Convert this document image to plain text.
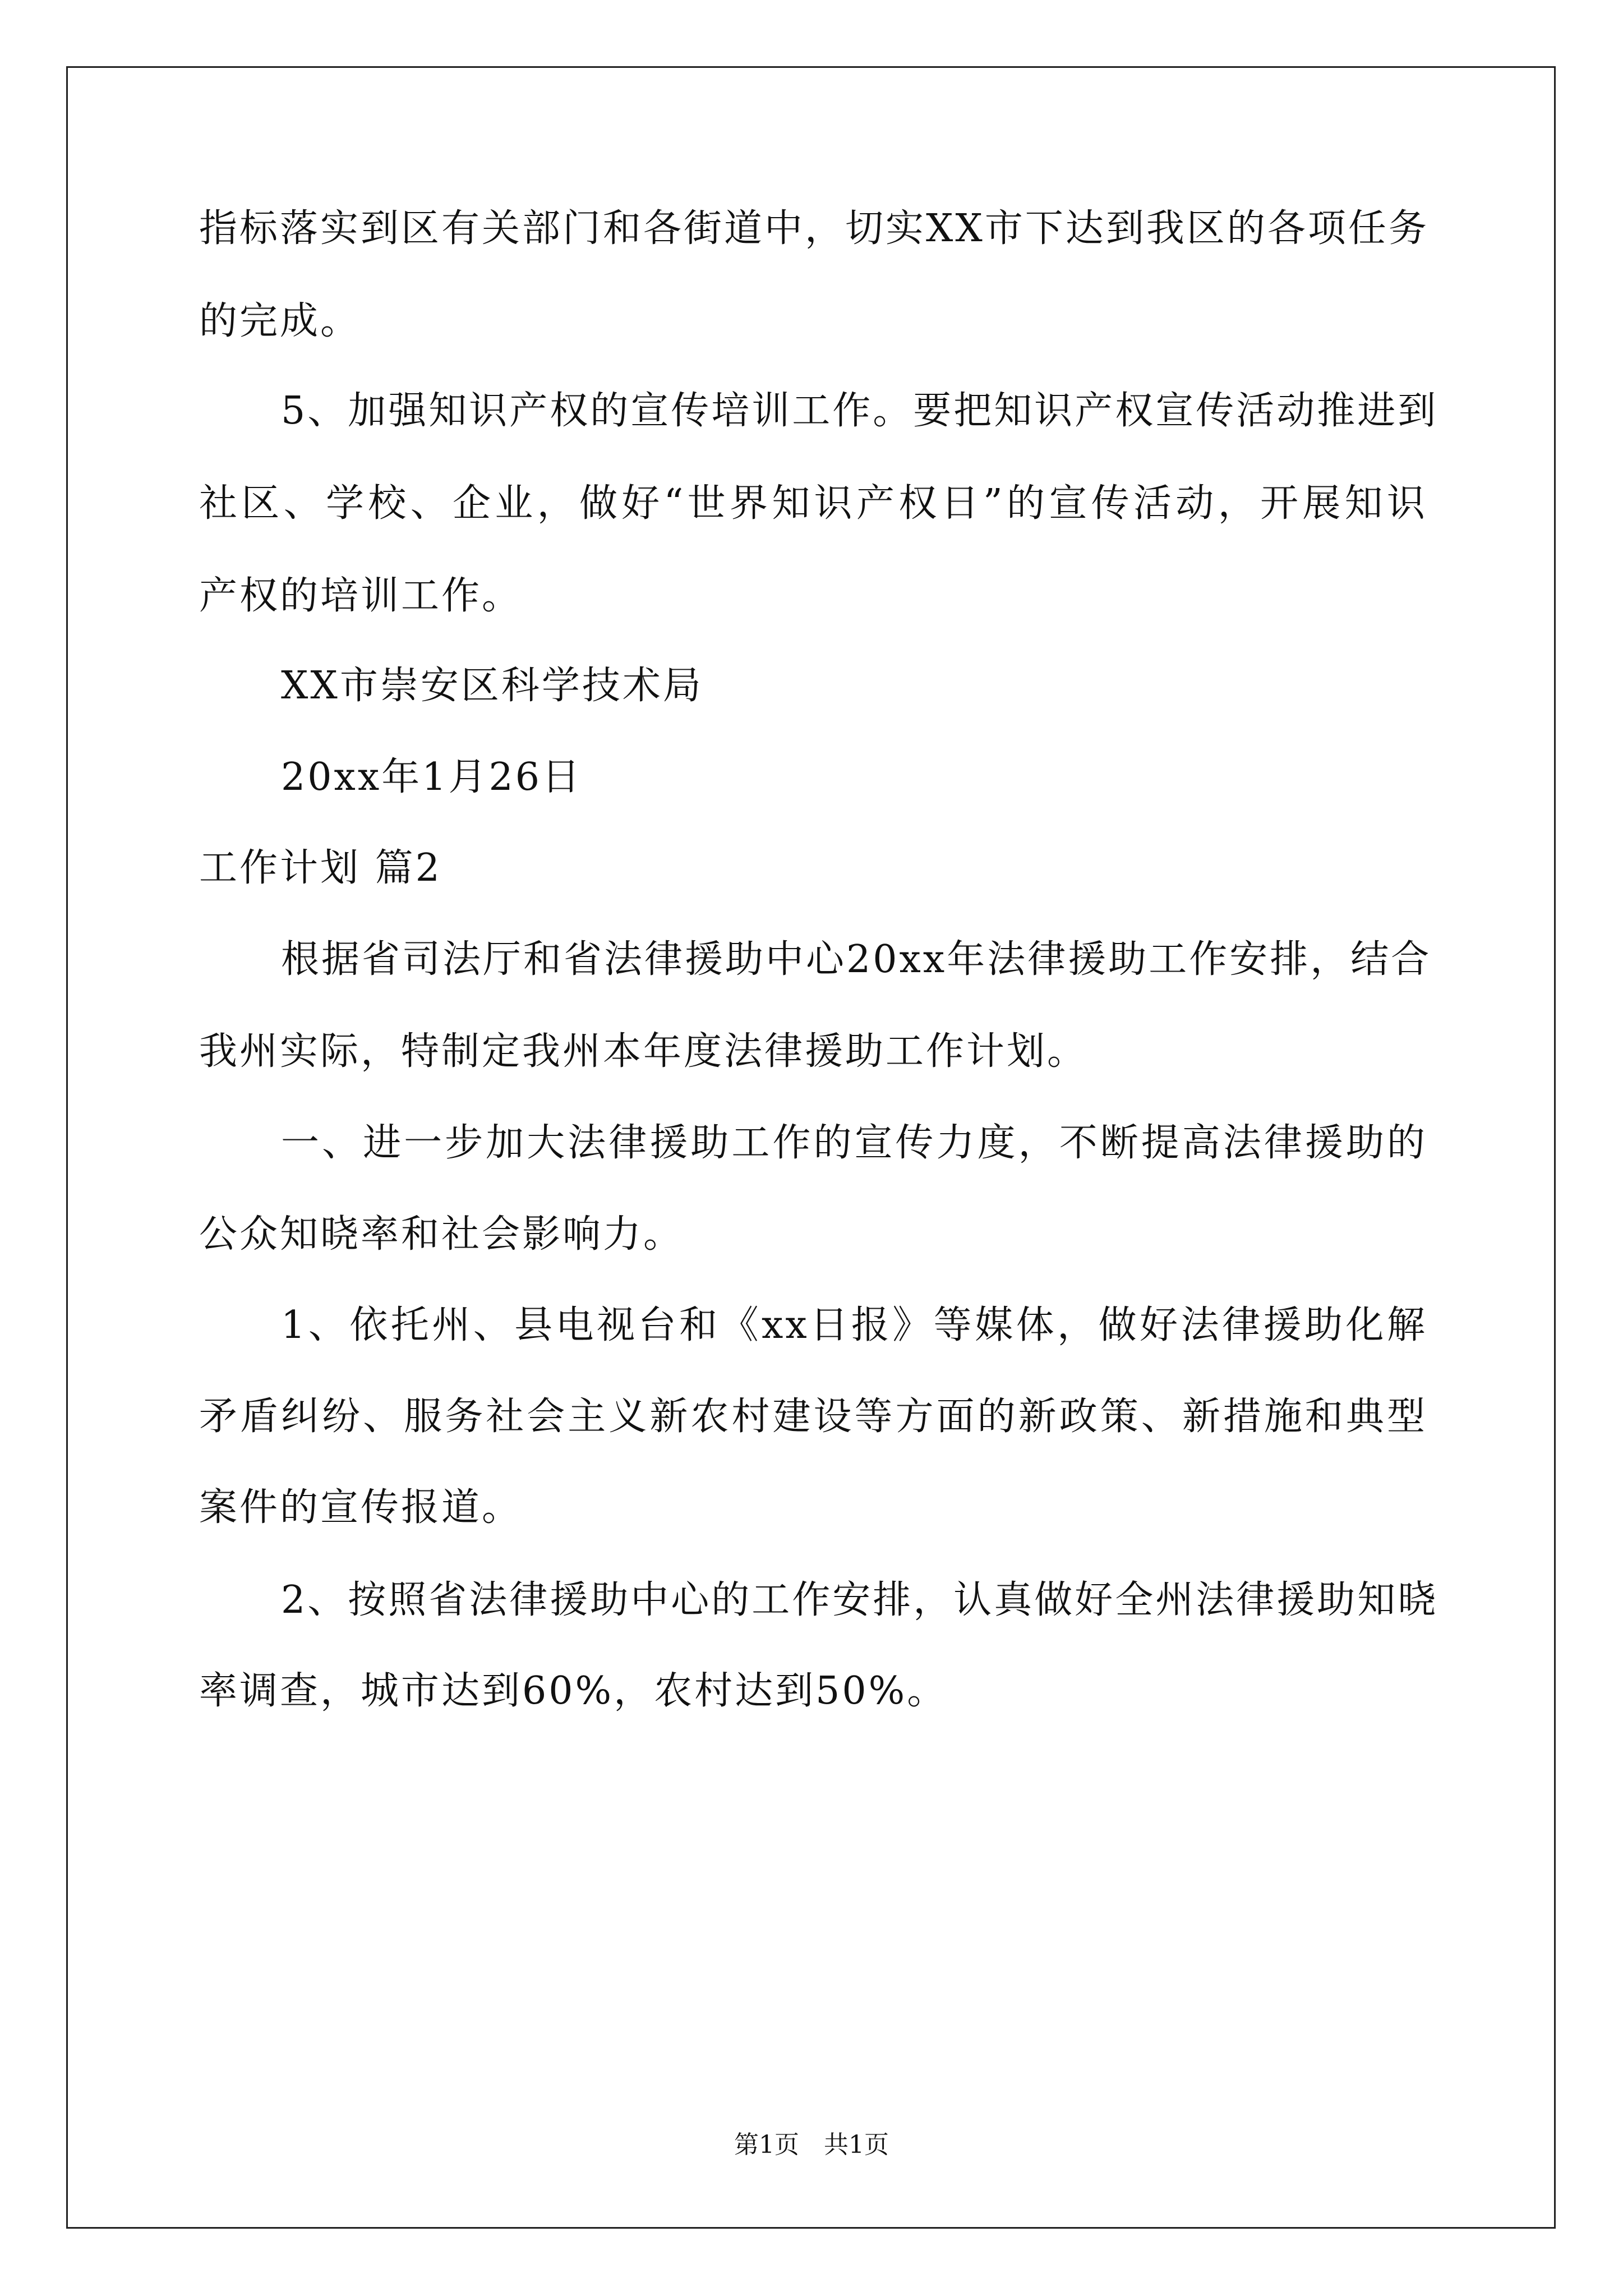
指标落实到区有关部门和各街道中，切实XX市下达到我区的各项任务
的完成。
5、加强知识产权的宣传培训工作。要把知识产权宣传活动推进到
社区、学校、企业，做好“世界知识产权日”的宣传活动，开展知识
产权的培训工作。
XX市崇安区科学技术局
20xx年1月26日
工作计划 篇2
根据省司法厅和省法律援助中心20xx年法律援助工作安排，结合
我州实际，特制定我州本年度法律援助工作计划。
一、进一步加大法律援助工作的宣传力度，不断提高法律援助的
公众知晓率和社会影响力。
1、依托州、县电视台和《xx日报》等媒体，做好法律援助化解
矛盾纠纷、服务社会主义新农村建设等方面的新政策、新措施和典型
案件的宣传报道。
2、按照省法律援助中心的工作安排，认真做好全州法律援助知晓
率调查，城市达到60%，农村达到50%。
第1页　共1页
